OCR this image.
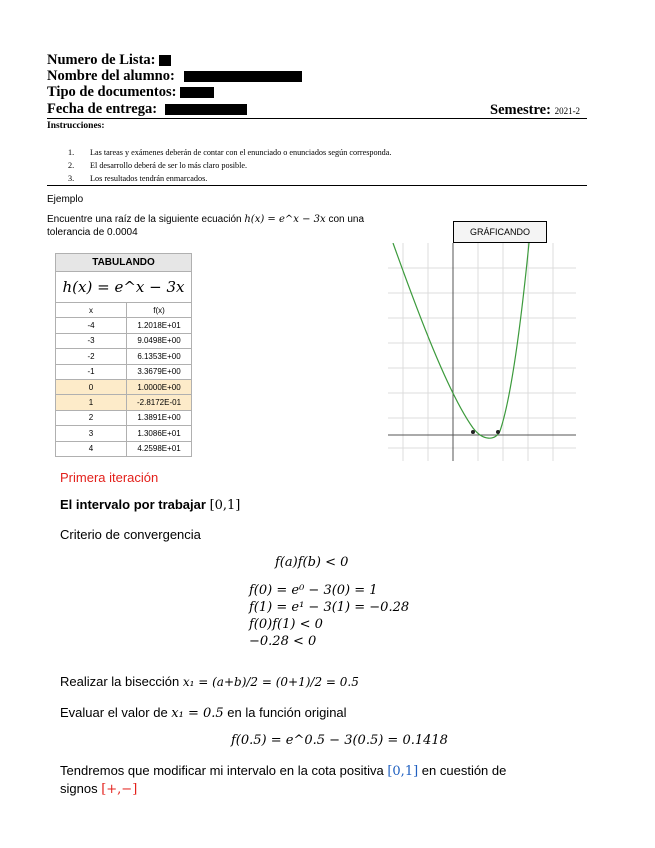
Numero de Lista:
Nombre del alumno:
Tipo de documentos:
Fecha de entrega:	Semestre: 2021-2
Instrucciones:
1. Las tareas y exámenes deberán de contar con el enunciado o enunciados según corresponda.
2. El desarrollo deberá de ser lo más claro posible.
3. Los resultados tendrán enmarcados.
Ejemplo
Encuentre una raíz de la siguiente ecuación h(x) = e^x − 3x con una
tolerancia de 0.0004
TABULANDO	
h(x) = e^x − 3x	
x	f(x)
-4	1.2018E+01
-3	9.0498E+00
-2	6.1353E+00
-1	3.3679E+00
0	1.0000E+00
1	-2.8172E-01
2	1.3891E+00
3	1.3086E+01
4	4.2598E+01
GRÁFICANDO
Primera iteración
El intervalo por trabajar [0,1]
Criterio de convergencia
f(a)f(b) < 0
f(0) = e⁰ − 3(0) = 1
f(1) = e¹ − 3(1) = −0.28
f(0)f(1) < 0
−0.28 < 0
Realizar la bisección x₁ = (a+b)/2 = (0+1)/2 = 0.5
Evaluar el valor de x₁ = 0.5 en la función original
f(0.5) = e^0.5 − 3(0.5) = 0.1418
Tendremos que modificar mi intervalo en la cota positiva [0,1] en cuestión de
signos [+,−]
